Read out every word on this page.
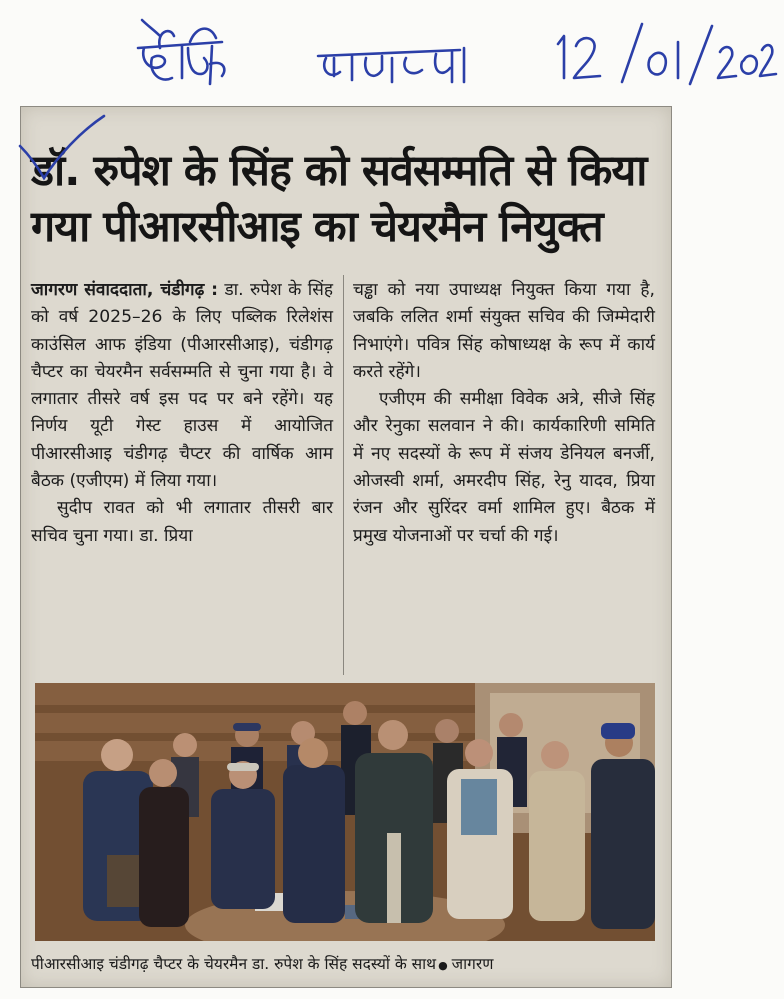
डॉ. रुपेश के सिंह को सर्वसम्मति से किया
गया पीआरसीआइ का चेयरमैन नियुक्त

जागरण संवाददाता, चंडीगढ़ : डा. रुपेश के सिंह को वर्ष 2025–26 के लिए पब्लिक रिलेशंस काउंसिल आफ इंडिया (पीआरसीआइ), चंडीगढ़ चैप्टर का चेयरमैन सर्वसम्मति से चुना गया है। वे लगातार तीसरे वर्ष इस पद पर बने रहेंगे। यह निर्णय यूटी गेस्ट हाउस में आयोजित पीआरसीआइ चंडीगढ़ चैप्टर की वार्षिक आम बैठक (एजीएम) में लिया गया।

सुदीप रावत को भी लगातार तीसरी बार सचिव चुना गया। डा. प्रिया

चड्ढा को नया उपाध्यक्ष नियुक्त किया गया है, जबकि ललित शर्मा संयुक्त सचिव की जिम्मेदारी निभाएंगे। पवित्र सिंह कोषाध्यक्ष के रूप में कार्य करते रहेंगे।

एजीएम की समीक्षा विवेक अत्रे, सीजे सिंह और रेनुका सलवान ने की। कार्यकारिणी समिति में नए सदस्यों के रूप में संजय डेनियल बनर्जी, ओजस्वी शर्मा, अमरदीप सिंह, रेनु यादव, प्रिया रंजन और सुरिंदर वर्मा शामिल हुए। बैठक में प्रमुख योजनाओं पर चर्चा की गई।

पीआरसीआइ चंडीगढ़ चैप्टर के चेयरमैन डा. रुपेश के सिंह सदस्यों के साथ ● जागरण
